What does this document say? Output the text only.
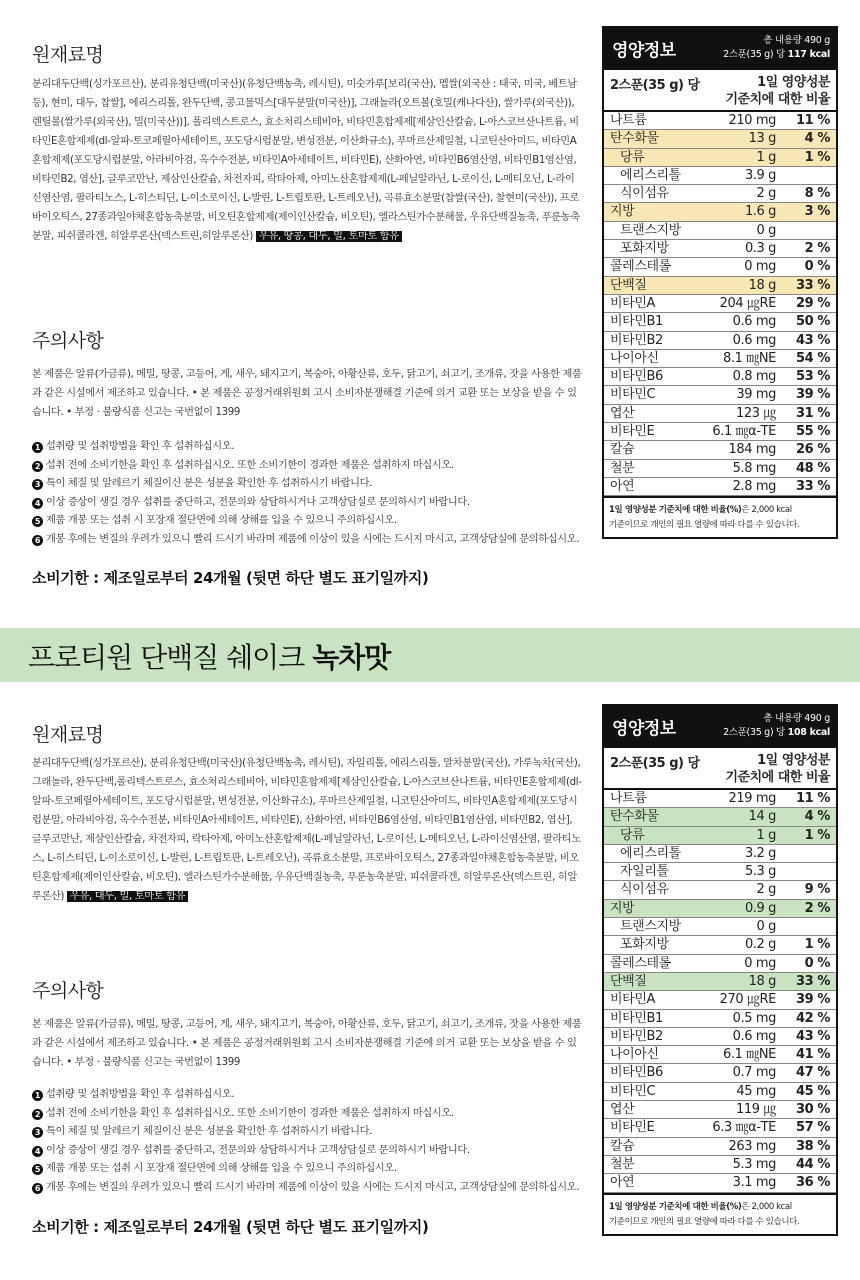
원재료명

분리대두단백(싱가포르산), 분리유청단백(미국산)(유청단백농축, 레시틴), 미숫가루[보리(국산), 멥쌀(외국산 : 태국, 미국, 베트남 등), 현미, 대두, 찹쌀], 에리스리톨, 완두단백, 콩고물믹스[대두분말(미국산)], 그래놀라(오트볼(호밀(캐나다산), 쌀가루(외국산)), 렌틸볼(쌀가루(외국산), 밀(미국산))], 폴리덱스트로스, 효소처리스테비아, 비타민혼합제제[제삼인산칼슘, L-아스코브산나트륨, 비타민E혼합제제(dl-알파-토코페릴아세테이트, 포도당시럽분말, 변성전분, 이산화규소), 푸마르산제일철, 니코틴산아미드, 비타민A혼합제제(포도당시럽분말, 아라비아검, 옥수수전분, 비타민A아세테이트, 비타민E), 산화아연, 비타민B6염산염, 비타민B1염산염, 비타민B2, 엽산], 글루코만난, 제삼인산칼슘, 차전자피, 락타아제, 아미노산혼합제제(L-페닐알라닌, L-로이신, L-메티오닌, L-라이신염산염, 팔라티노스, L-히스티딘, L-이소로이신, L-발린, L-트립토판, L-트레오닌), 곡류효소분말(찹쌀(국산), 찰현미(국산)), 프로바이오틱스, 27종과일야채혼합농축분말, 비오틴혼합제제(제이인산칼슘, 비오틴), 엘라스틴가수분해물, 우유단백질농축, 푸룬농축분말, 피쉬콜라겐, 히알루론산(덱스트린,히알루론산) 우유, 땅콩, 대두, 밀, 토마토 함유

주의사항

본 제품은 알류(가금류), 메밀, 땅콩, 고등어, 게, 새우, 돼지고기, 복숭아, 아황산류, 호두, 닭고기, 쇠고기, 조개류, 잣을 사용한 제품과 같은 시설에서 제조하고 있습니다. • 본 제품은 공정거래위원회 고시 소비자분쟁해결 기준에 의거 교환 또는 보상을 받을 수 있습니다. • 부정 · 불량식품 신고는 국번없이 1399

1 섭취량 및 섭취방법을 확인 후 섭취하십시오.
2 섭취 전에 소비기한을 확인 후 섭취하십시오. 또한 소비기한이 경과한 제품은 섭취하지 마십시오.
3 특이 체질 및 알레르기 체질이신 분은 성분을 확인한 후 섭취하시기 바랍니다.
4 이상 증상이 생길 경우 섭취를 중단하고, 전문의와 상담하시거나 고객상담실로 문의하시기 바랍니다.
5 제품 개봉 또는 섭취 시 포장재 절단면에 의해 상해를 입을 수 있으니 주의하십시오.
6 개봉 후에는 변질의 우려가 있으니 빨리 드시기 바라며 제품에 이상이 있을 시에는 드시지 마시고, 고객상담실에 문의하십시오.
소비기한 : 제조일로부터 24개월 (뒷면 하단 별도 표기일까지)
영양정보
총 내용량 490 g
2스푼(35 g) 당 117 kcal
2스푼(35 g) 당	1일 영양성분
기준치에 대한 비율
나트륨	210 mg 11 %
탄수화물	13 g 4 %
당류	1 g 1 %
에리스리톨	3.9 g
식이섬유	2 g 8 %
지방	1.6 g 3 %
트랜스지방	0 g
포화지방	0.3 g 2 %
콜레스테롤	0 mg 0 %
단백질	18 g 33 %
비타민A	204 ㎍RE 29 %
비타민B1	0.6 mg 50 %
비타민B2	0.6 mg 43 %
나이아신	8.1 ㎎NE 54 %
비타민B6	0.8 mg 53 %
비타민C	39 mg 39 %
엽산	123 ㎍ 31 %
비타민E	6.1 ㎎α-TE 55 %
칼슘	184 mg 26 %
철분	5.8 mg 48 %
아연	2.8 mg 33 %
1일 영양성분 기준치에 대한 비율(%)은 2,000 kcal
기준이므로 개인의 필요 열량에 따라 다를 수 있습니다.
프로티원 단백질 쉐이크 녹차맛
원재료명

분리대두단백(싱가포르산), 분리유청단백(미국산)(유청단백농축, 레시틴), 자일리톨, 에리스리톨, 말차분말(국산), 가루녹차(국산), 그래놀라, 완두단백,폴리덱스트로스, 효소처리스테비아, 비타민혼합제제[제삼인산칼슘, L-아스코브산나트륨, 비타민E혼합제제(dl-알파-토코페릴아세테이트, 포도당시럽분말, 변성전분, 이산화규소), 푸마르산제일철, 니코틴산아미드, 비타민A혼합제제(포도당시럽분말, 아라비아검, 옥수수전분, 비타민A아세테이트, 비타민E), 산화아연, 비타민B6염산염, 비타민B1염산염, 비타민B2, 엽산], 글루코만난, 제삼인산칼슘, 차전자피, 락타아제, 아미노산혼합제제(L-페닐알라닌, L-로이신, L-메티오닌, L-라이신염산염, 팔라티노스, L-히스티딘, L-이소로이신, L-발린, L-트립토판, L-트레오닌), 곡류효소분말, 프로바이오틱스, 27종과일야채혼합농축분말, 비오틴혼합제제(제이인산칼슘, 비오틴), 엘라스틴가수분해물, 우유단백질농축, 푸룬농축분말, 피쉬콜라겐, 히알루론산(덱스트린, 히알루론산) 우유, 대두, 밀, 토마토 함유

주의사항

본 제품은 알류(가금류), 메밀, 땅콩, 고등어, 게, 새우, 돼지고기, 복숭아, 아황산류, 호두, 닭고기, 쇠고기, 조개류, 잣을 사용한 제품과 같은 시설에서 제조하고 있습니다. • 본 제품은 공정거래위원회 고시 소비자분쟁해결 기준에 의거 교환 또는 보상을 받을 수 있습니다. • 부정 · 불량식품 신고는 국번없이 1399

1 섭취량 및 섭취방법을 확인 후 섭취하십시오.
2 섭취 전에 소비기한을 확인 후 섭취하십시오. 또한 소비기한이 경과한 제품은 섭취하지 마십시오.
3 특이 체질 및 알레르기 체질이신 분은 성분을 확인한 후 섭취하시기 바랍니다.
4 이상 증상이 생길 경우 섭취를 중단하고, 전문의와 상담하시거나 고객상담실로 문의하시기 바랍니다.
5 제품 개봉 또는 섭취 시 포장재 절단면에 의해 상해를 입을 수 있으니 주의하십시오.
6 개봉 후에는 변질의 우려가 있으니 빨리 드시기 바라며 제품에 이상이 있을 시에는 드시지 마시고, 고객상담실에 문의하십시오.
소비기한 : 제조일로부터 24개월 (뒷면 하단 별도 표기일까지)
영양정보
총 내용량 490 g
2스푼(35 g) 당 108 kcal
2스푼(35 g) 당	1일 영양성분
기준치에 대한 비율
나트륨	219 mg 11 %
탄수화물	14 g 4 %
당류	1 g 1 %
에리스리톨	3.2 g
자일리톨	5.3 g
식이섬유	2 g 9 %
지방	0.9 g 2 %
트랜스지방	0 g
포화지방	0.2 g 1 %
콜레스테롤	0 mg 0 %
단백질	18 g 33 %
비타민A	270 ㎍RE 39 %
비타민B1	0.5 mg 42 %
비타민B2	0.6 mg 43 %
나이아신	6.1 ㎎NE 41 %
비타민B6	0.7 mg 47 %
비타민C	45 mg 45 %
엽산	119 ㎍ 30 %
비타민E	6.3 ㎎α-TE 57 %
칼슘	263 mg 38 %
철분	5.3 mg 44 %
아연	3.1 mg 36 %
1일 영양성분 기준치에 대한 비율(%)은 2,000 kcal
기준이므로 개인의 필요 열량에 따라 다를 수 있습니다.
